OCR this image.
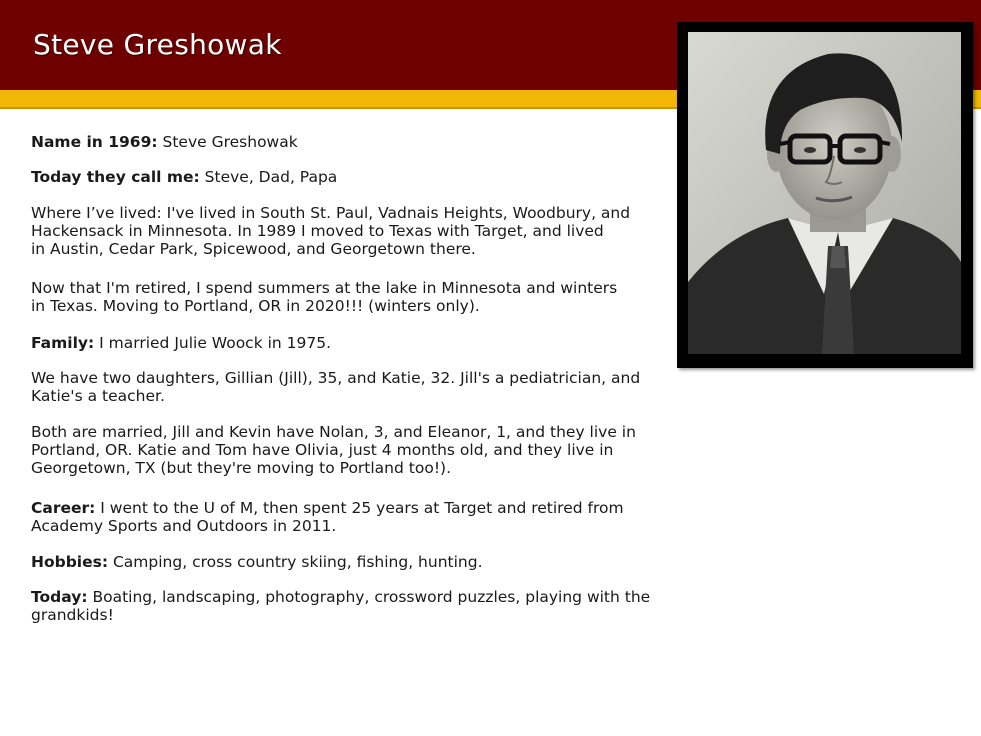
Steve Greshowak

Name in 1969: Steve Greshowak

Today they call me: Steve, Dad, Papa

Where I’ve lived: I've lived in South St. Paul, Vadnais Heights, Woodbury, and
Hackensack in Minnesota. In 1989 I moved to Texas with Target, and lived
in Austin, Cedar Park, Spicewood, and Georgetown there.

Now that I'm retired, I spend summers at the lake in Minnesota and winters
in Texas. Moving to Portland, OR in 2020!!! (winters only).

Family: I married Julie Woock in 1975.

We have two daughters, Gillian (Jill), 35, and Katie, 32. Jill's a pediatrician, and
Katie's a teacher.

Both are married, Jill and Kevin have Nolan, 3, and Eleanor, 1, and they live in
Portland, OR. Katie and Tom have Olivia, just 4 months old, and they live in
Georgetown, TX (but they're moving to Portland too!).

Career: I went to the U of M, then spent 25 years at Target and retired from
Academy Sports and Outdoors in 2011.

Hobbies: Camping, cross country skiing, fishing, hunting.

Today: Boating, landscaping, photography, crossword puzzles, playing with the
grandkids!
